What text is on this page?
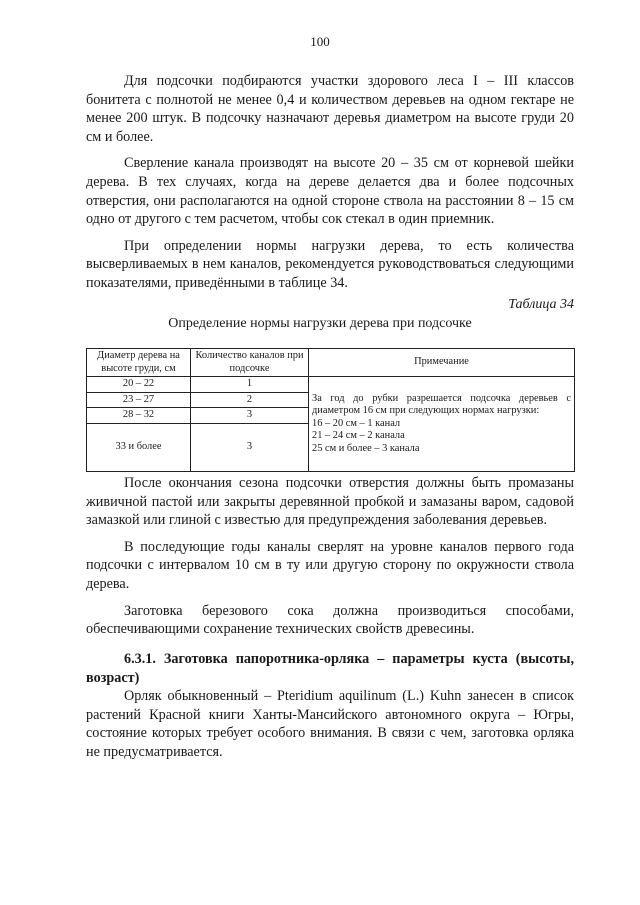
100

Для подсочки подбираются участки здорового леса I – III классов бонитета с полнотой не менее 0,4 и количеством деревьев на одном гектаре не менее 200 штук. В подсочку назначают деревья диаметром на высоте груди 20 см и более.

Сверление канала производят на высоте 20 – 35 см от корневой шейки дерева. В тех случаях, когда на дереве делается два и более подсочных отверстия, они располагаются на одной стороне ствола на расстоянии 8 – 15 см одно от другого с тем расчетом, чтобы сок стекал в один приемник.

При определении нормы нагрузки дерева, то есть количества высверливаемых в нем каналов, рекомендуется руководствоваться следующими показателями, приведёнными в таблице 34.

Таблица 34
Определение нормы нагрузки дерева при подсочке
Диаметр дерева на высоте груди, см	Количество каналов при подсочке	Примечание
20 – 22	1	За год до рубки разрешается подсочка деревьев с диаметром 16 см при следующих нормах нагрузки:
16 – 20 см – 1 канал
21 – 24 см – 2 канала
25 см и более – 3 канала

23 – 27	2	
28 – 32	3	
33 и более	3	

После окончания сезона подсочки отверстия должны быть промазаны живичной пастой или закрыты деревянной пробкой и замазаны варом, садовой замазкой или глиной с известью для предупреждения заболевания деревьев.

В последующие годы каналы сверлят на уровне каналов первого года подсочки с интервалом 10 см в ту или другую сторону по окружности ствола дерева.

Заготовка березового сока должна производиться способами, обеспечивающими сохранение технических свойств древесины.

6.3.1. Заготовка папоротника-орляка – параметры куста (высоты, возраст)

Орляк обыкновенный – Pteridium aquilinum (L.) Kuhn занесен в список растений Красной книги Ханты-Мансийского автономного округа – Югры, состояние которых требует особого внимания. В связи с чем, заготовка орляка не предусматривается.
